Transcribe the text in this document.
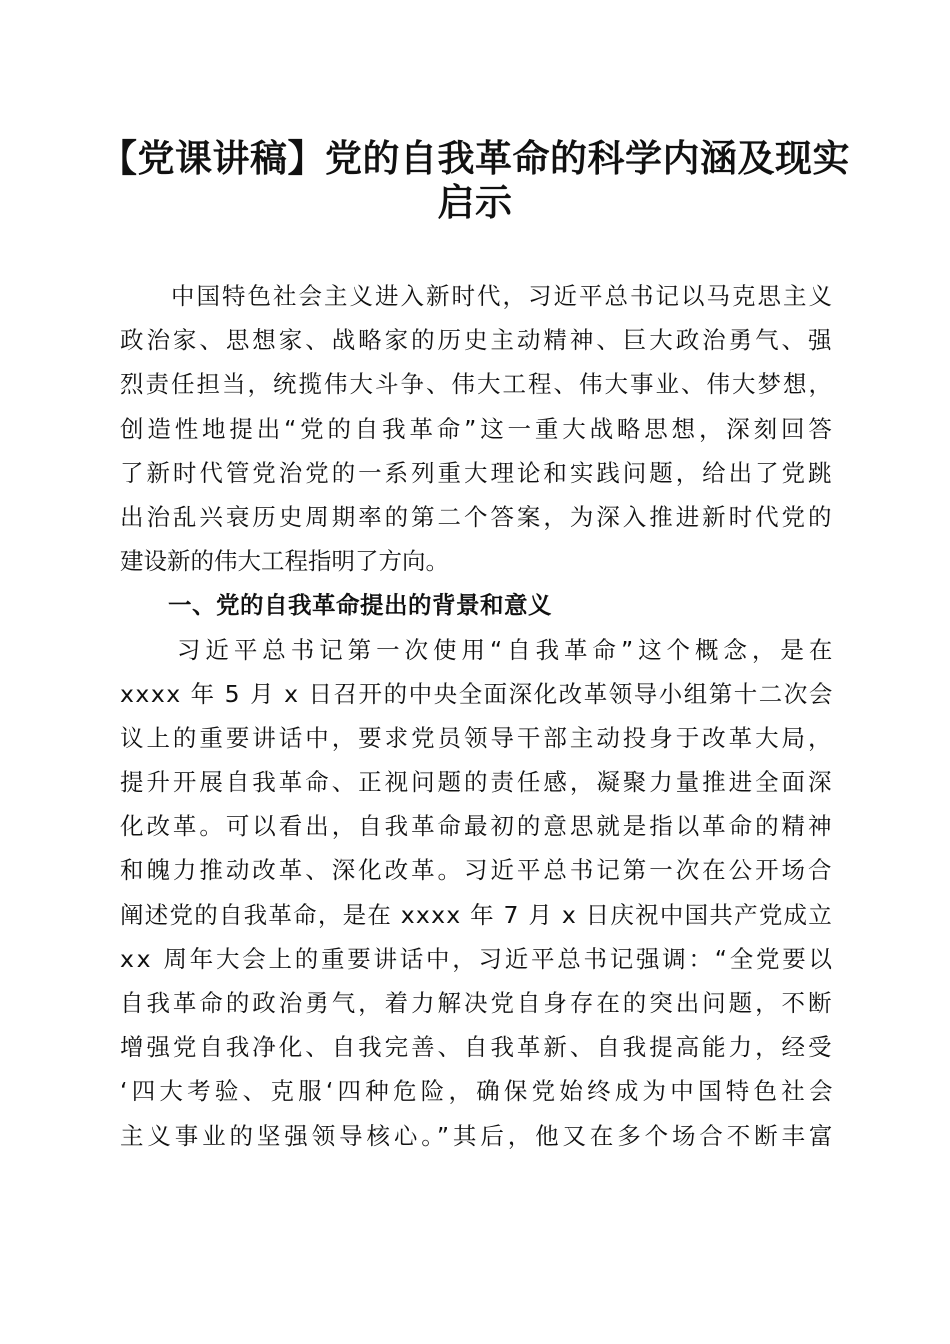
【党课讲稿】党的自我革命的科学内涵及现实
启示
　　中国特色社会主义进入新时代，习近平总书记以马克思主义
政治家、思想家、战略家的历史主动精神、巨大政治勇气、强
烈责任担当，统揽伟大斗争、伟大工程、伟大事业、伟大梦想，
创造性地提出“党的自我革命”这一重大战略思想，深刻回答
了新时代管党治党的一系列重大理论和实践问题，给出了党跳
出治乱兴衰历史周期率的第二个答案，为深入推进新时代党的
建设新的伟大工程指明了方向。
　　一、党的自我革命提出的背景和意义
　　习近平总书记第一次使用“自我革命”这个概念，是在
xxxx 年 5 月 x 日召开的中央全面深化改革领导小组第十二次会
议上的重要讲话中，要求党员领导干部主动投身于改革大局，
提升开展自我革命、正视问题的责任感，凝聚力量推进全面深
化改革。可以看出，自我革命最初的意思就是指以革命的精神
和魄力推动改革、深化改革。习近平总书记第一次在公开场合
阐述党的自我革命，是在 xxxx 年 7 月 x 日庆祝中国共产党成立
xx 周年大会上的重要讲话中，习近平总书记强调：“全党要以
自我革命的政治勇气，着力解决党自身存在的突出问题，不断
增强党自我净化、自我完善、自我革新、自我提高能力，经受
‘四大考验、克服‘四种危险，确保党始终成为中国特色社会
主义事业的坚强领导核心。”其后，他又在多个场合不断丰富
